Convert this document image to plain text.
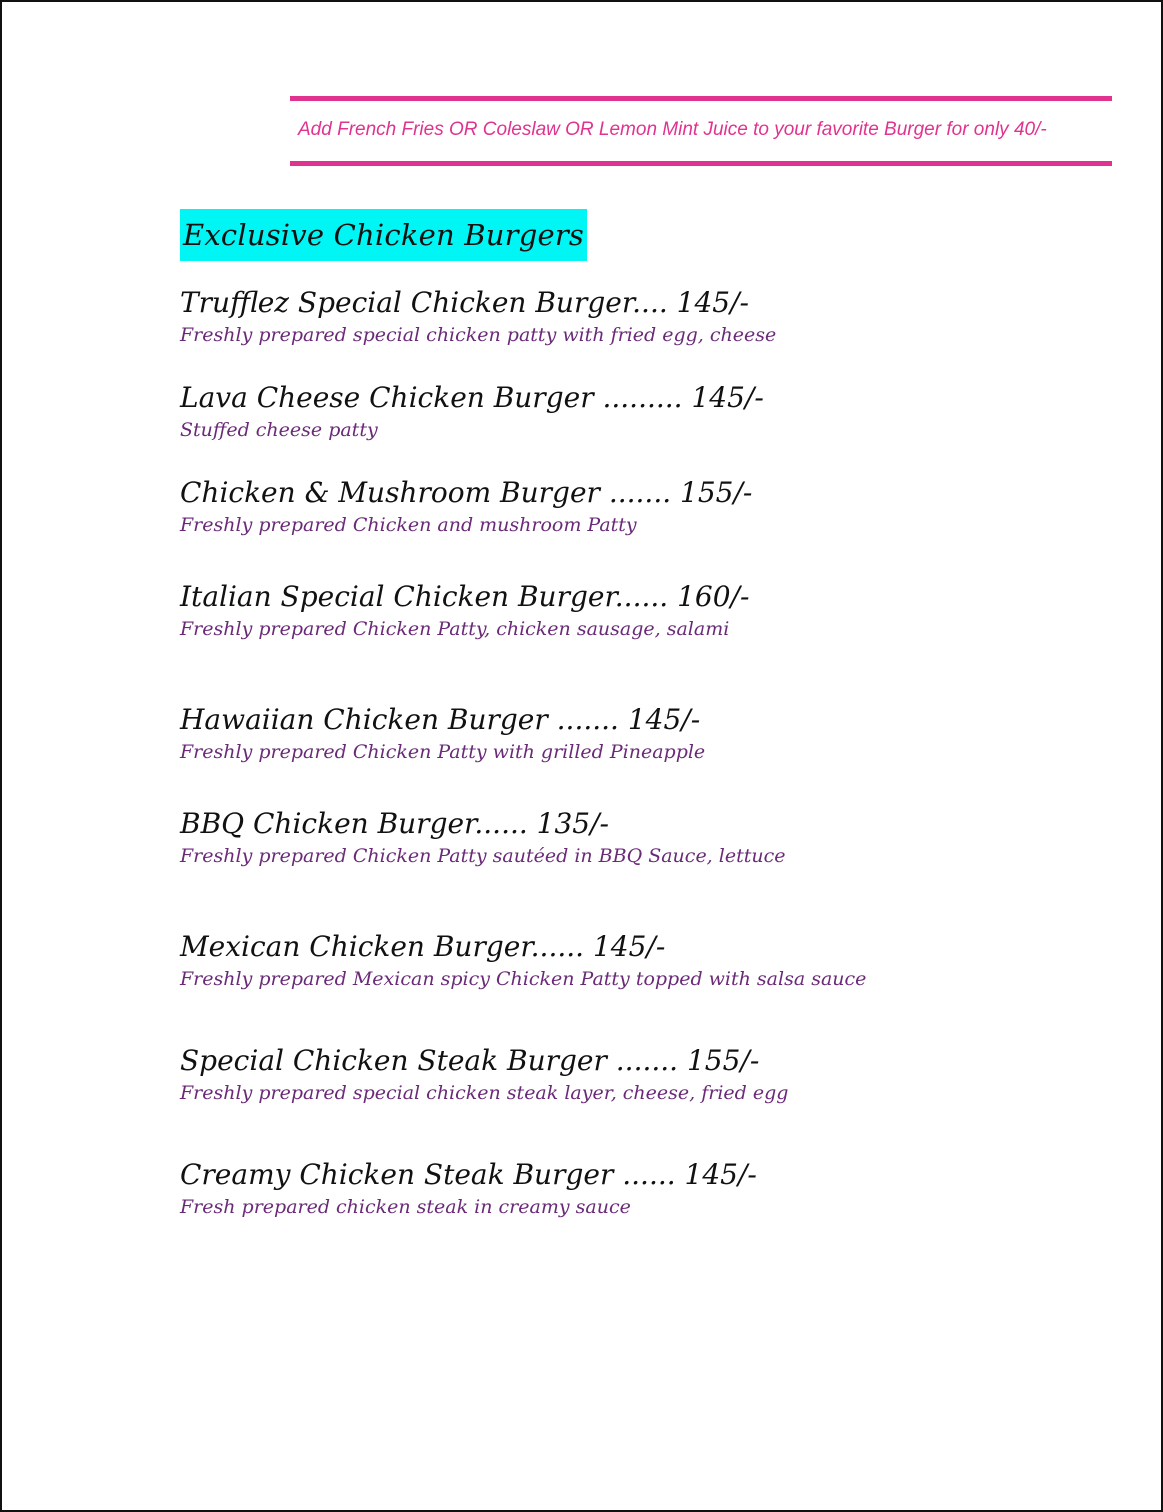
Add French Fries OR Coleslaw OR Lemon Mint Juice to your favorite Burger for only 40/-
Exclusive Chicken Burgers
Trufflez Special Chicken Burger.... 145/-
Freshly prepared special chicken patty with fried egg, cheese
Lava Cheese Chicken Burger ......... 145/-
Stuffed cheese patty
Chicken & Mushroom Burger ....... 155/-
Freshly prepared Chicken and mushroom Patty
Italian Special Chicken Burger...... 160/-
Freshly prepared Chicken Patty, chicken sausage, salami
Hawaiian Chicken Burger ....... 145/-
Freshly prepared Chicken Patty with grilled Pineapple
BBQ Chicken Burger...... 135/-
Freshly prepared Chicken Patty sautéed in BBQ Sauce, lettuce
Mexican Chicken Burger...... 145/-
Freshly prepared Mexican spicy Chicken Patty topped with salsa sauce
Special Chicken Steak Burger ....... 155/-
Freshly prepared special chicken steak layer, cheese, fried egg
Creamy Chicken Steak Burger ...... 145/-
Fresh prepared chicken steak in creamy sauce
